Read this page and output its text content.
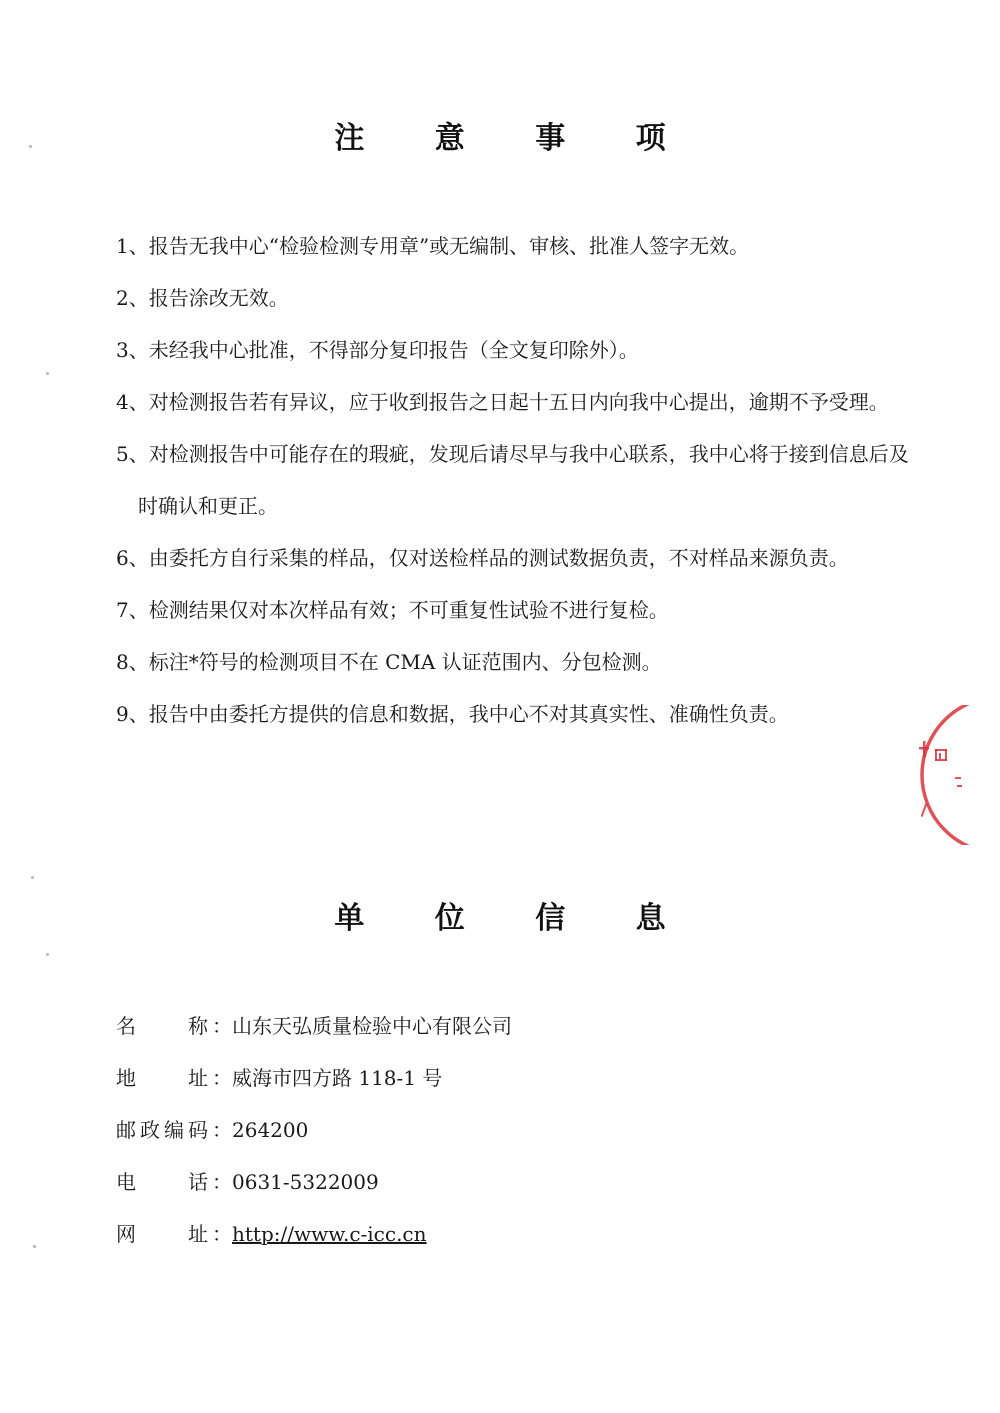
注 意 事 项

1、报告无我中心“检验检测专用章”或无编制、审核、批准人签字无效。

2、报告涂改无效。

3、未经我中心批准，不得部分复印报告（全文复印除外）。

4、对检测报告若有异议，应于收到报告之日起十五日内向我中心提出，逾期不予受理。

5、对检测报告中可能存在的瑕疵，发现后请尽早与我中心联系，我中心将于接到信息后及时确认和更正。

6、由委托方自行采集的样品，仅对送检样品的测试数据负责，不对样品来源负责。

7、检测结果仅对本次样品有效；不可重复性试验不进行复检。

8、标注*符号的检测项目不在 CMA 认证范围内、分包检测。

9、报告中由委托方提供的信息和数据，我中心不对其真实性、准确性负责。

单 位 信 息
名称 ：山东天弘质量检验中心有限公司
地址 ：威海市四方路 118-1 号
邮政编码 ：264200
电话 ：0631-5322009
网址 ：http://www.c-icc.cn
